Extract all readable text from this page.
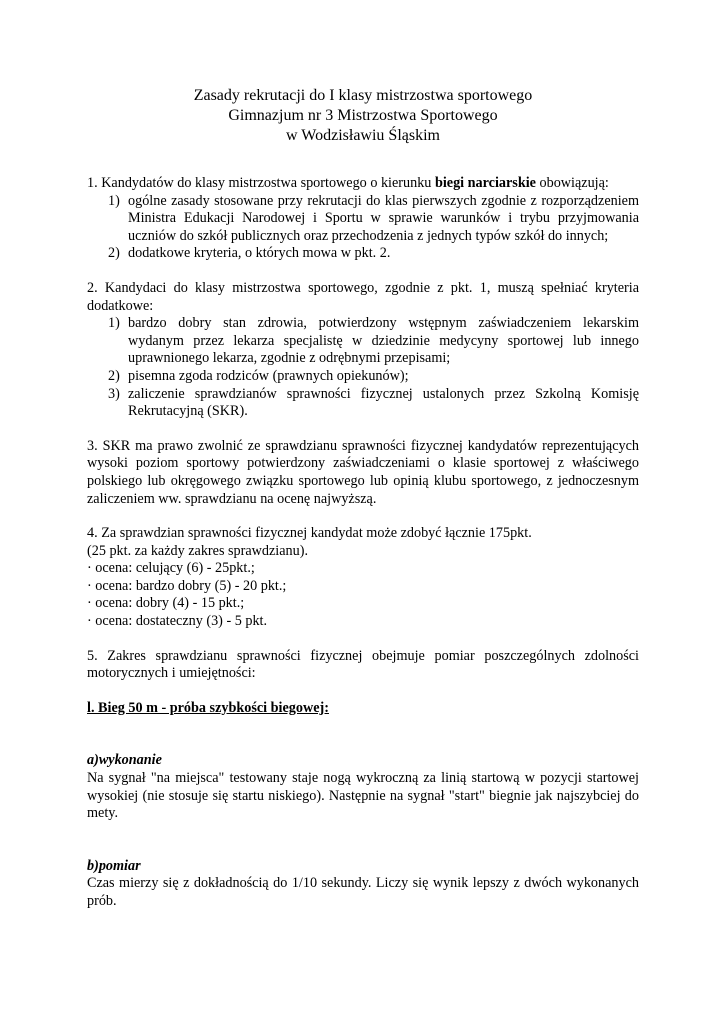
Zasady rekrutacji do I klasy mistrzostwa sportowego
Gimnazjum nr 3 Mistrzostwa Sportowego
w Wodzisławiu Śląskim

1. Kandydatów do klasy mistrzostwa sportowego o kierunku biegi narciarskie obowiązują:

1) ogólne zasady stosowane przy rekrutacji do klas pierwszych zgodnie z rozporządzeniem Ministra Edukacji Narodowej i Sportu w sprawie warunków i trybu przyjmowania uczniów do szkół publicznych oraz przechodzenia z jednych typów szkół do innych;
2) dodatkowe kryteria, o których mowa w pkt. 2.

2. Kandydaci do klasy mistrzostwa sportowego, zgodnie z pkt. 1, muszą spełniać kryteria dodatkowe:

1) bardzo dobry stan zdrowia, potwierdzony wstępnym zaświadczeniem lekarskim wydanym przez lekarza specjalistę w dziedzinie medycyny sportowej lub innego uprawnionego lekarza, zgodnie z odrębnymi przepisami;
2) pisemna zgoda rodziców (prawnych opiekunów);
3) zaliczenie sprawdzianów sprawności fizycznej ustalonych przez Szkolną Komisję Rekrutacyjną (SKR).

3. SKR ma prawo zwolnić ze sprawdzianu sprawności fizycznej kandydatów reprezentujących wysoki poziom sportowy potwierdzony zaświadczeniami o klasie sportowej z właściwego polskiego lub okręgowego związku sportowego lub opinią klubu sportowego, z jednoczesnym zaliczeniem ww. sprawdzianu na ocenę najwyższą.

4. Za sprawdzian sprawności fizycznej kandydat może zdobyć łącznie 175pkt.

(25 pkt. za każdy zakres sprawdzianu).

· ocena: celujący (6) - 25pkt.;

· ocena: bardzo dobry (5) - 20 pkt.;

· ocena: dobry (4) - 15 pkt.;

· ocena: dostateczny (3) - 5 pkt.

5. Zakres sprawdzianu sprawności fizycznej obejmuje pomiar poszczególnych zdolności motorycznych i umiejętności:

l. Bieg 50 m - próba szybkości biegowej:

a)wykonanie

Na sygnał "na miejsca" testowany staje nogą wykroczną za linią startową w pozycji startowej wysokiej (nie stosuje się startu niskiego). Następnie na sygnał "start" biegnie jak najszybciej do mety.

b)pomiar

Czas mierzy się z dokładnością do 1/10 sekundy. Liczy się wynik lepszy z dwóch wykonanych prób.
